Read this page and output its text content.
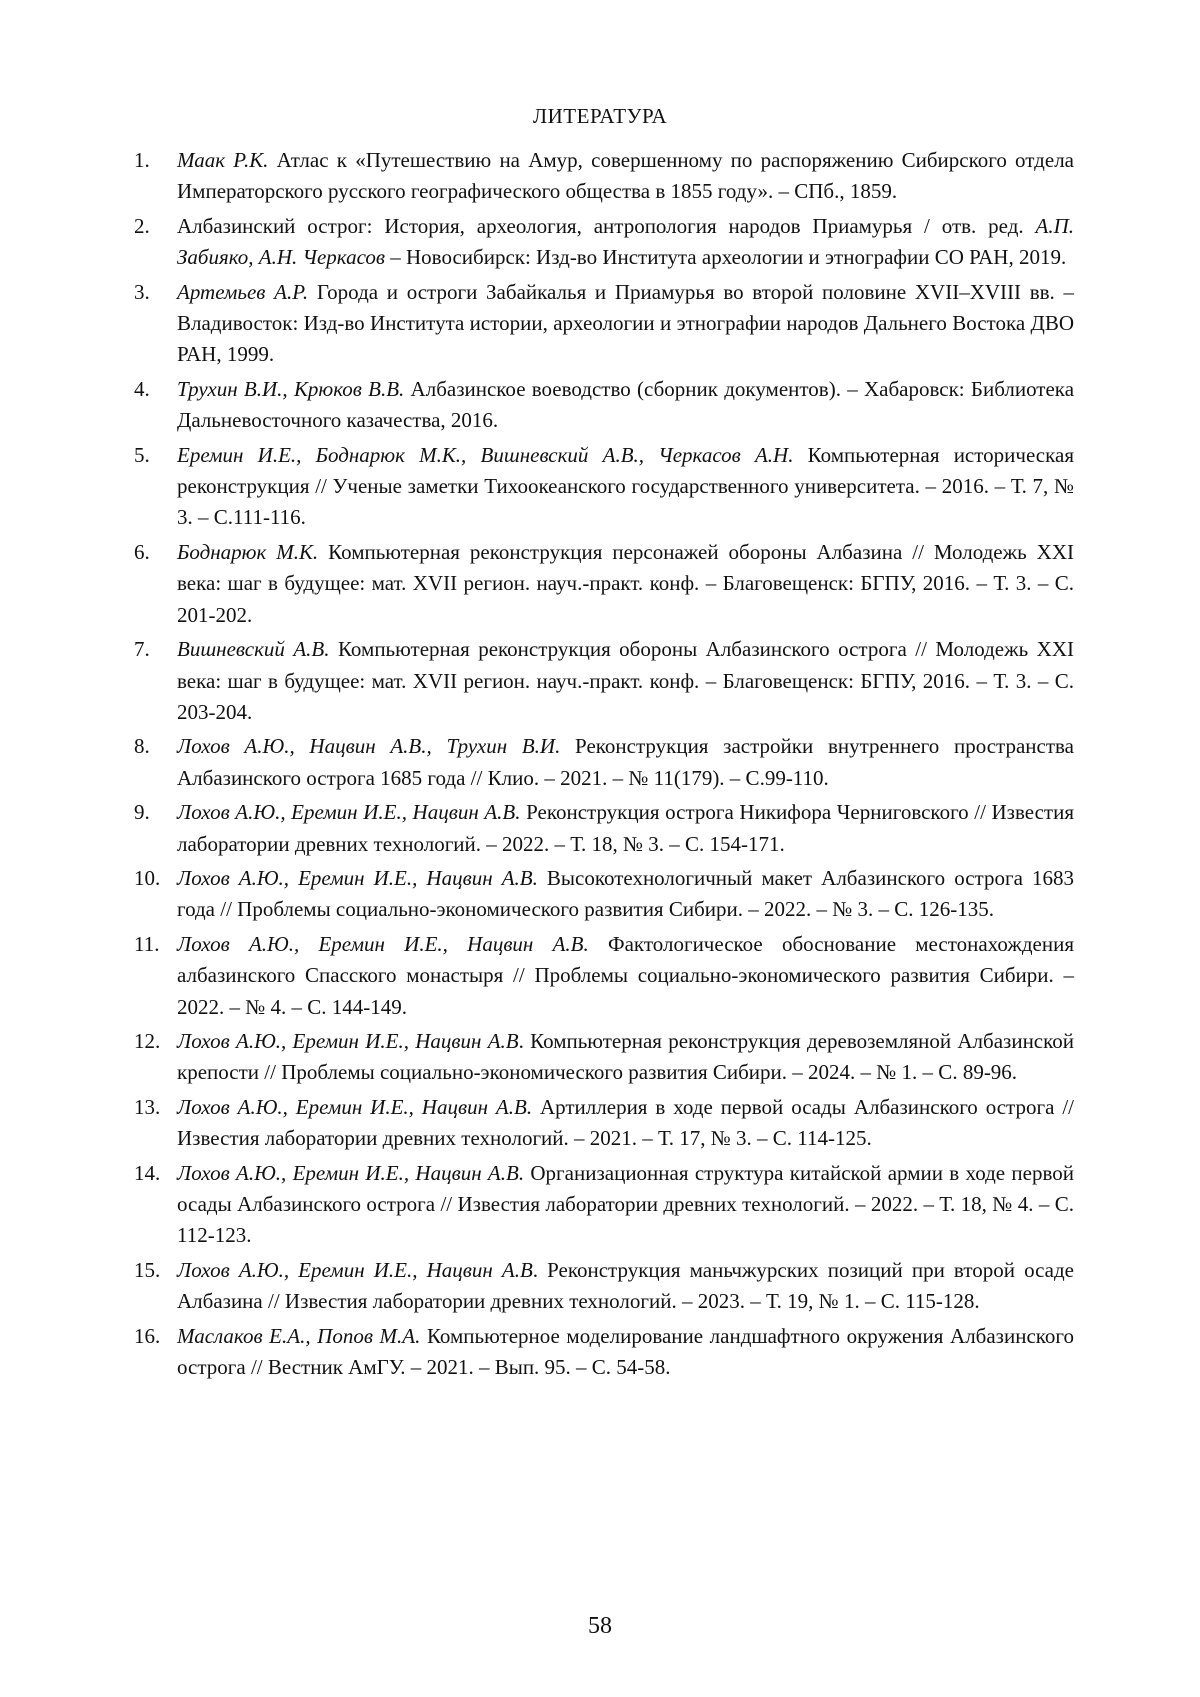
ЛИТЕРАТУРА
1. Маак Р.К. Атлас к «Путешествию на Амур, совершенному по распоряжению Сибирского отдела Императорского русского географического общества в 1855 году». – СПб., 1859.
2. Албазинский острог: История, археология, антропология народов Приамурья / отв. ред. А.П. Забияко, А.Н. Черкасов – Новосибирск: Изд-во Института археологии и этнографии СО РАН, 2019.
3. Артемьев А.Р. Города и остроги Забайкалья и Приамурья во второй половине XVII–XVIII вв. – Владивосток: Изд-во Института истории, археологии и этнографии народов Дальнего Востока ДВО РАН, 1999.
4. Трухин В.И., Крюков В.В. Албазинское воеводство (сборник документов). – Хабаровск: Библиотека Дальневосточного казачества, 2016.
5. Еремин И.Е., Боднарюк М.К., Вишневский А.В., Черкасов А.Н. Компьютерная историческая реконструкция // Ученые заметки Тихоокеанского государственного университета. – 2016. – Т. 7, № 3. – С.111-116.
6. Боднарюк М.К. Компьютерная реконструкция персонажей обороны Албазина // Молодежь XXI века: шаг в будущее: мат. XVII регион. науч.-практ. конф. – Благовещенск: БГПУ, 2016. – Т. 3. – С. 201-202.
7. Вишневский А.В. Компьютерная реконструкция обороны Албазинского острога // Молодежь XXI века: шаг в будущее: мат. XVII регион. науч.-практ. конф. – Благовещенск: БГПУ, 2016. – Т. 3. – С. 203-204.
8. Лохов А.Ю., Нацвин А.В., Трухин В.И. Реконструкция застройки внутреннего пространства Албазинского острога 1685 года // Клио. – 2021. – № 11(179). – С.99-110.
9. Лохов А.Ю., Еремин И.Е., Нацвин А.В. Реконструкция острога Никифора Черниговского // Известия лаборатории древних технологий. – 2022. – Т. 18, № 3. – С. 154-171.
10. Лохов А.Ю., Еремин И.Е., Нацвин А.В. Высокотехнологичный макет Албазинского острога 1683 года // Проблемы социально-экономического развития Сибири. – 2022. – № 3. – С. 126-135.
11. Лохов А.Ю., Еремин И.Е., Нацвин А.В. Фактологическое обоснование местонахождения албазинского Спасского монастыря // Проблемы социально-экономического развития Сибири. – 2022. – № 4. – С. 144-149.
12. Лохов А.Ю., Еремин И.Е., Нацвин А.В. Компьютерная реконструкция деревоземляной Албазинской крепости // Проблемы социально-экономического развития Сибири. – 2024. – № 1. – С. 89-96.
13. Лохов А.Ю., Еремин И.Е., Нацвин А.В. Артиллерия в ходе первой осады Албазинского острога // Известия лаборатории древних технологий. – 2021. – Т. 17, № 3. – С. 114-125.
14. Лохов А.Ю., Еремин И.Е., Нацвин А.В. Организационная структура китайской армии в ходе первой осады Албазинского острога // Известия лаборатории древних технологий. – 2022. – Т. 18, № 4. – С. 112-123.
15. Лохов А.Ю., Еремин И.Е., Нацвин А.В. Реконструкция маньчжурских позиций при второй осаде Албазина // Известия лаборатории древних технологий. – 2023. – Т. 19, № 1. – С. 115-128.
16. Маслаков Е.А., Попов М.А. Компьютерное моделирование ландшафтного окружения Албазинского острога // Вестник АмГУ. – 2021. – Вып. 95. – С. 54-58.
58
